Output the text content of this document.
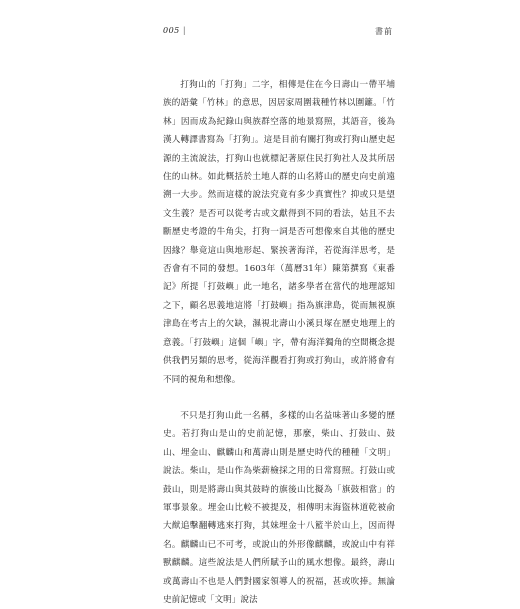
005 |	書前

打狗山的「打狗」二字，相傳是住在今日壽山一帶平埔族的語彙「竹林」的意思，因居家周圍栽種竹林以圍籬。「竹林」因而成為紀錄山與族群空落的地景寫照，其語音，後為漢人轉譯書寫為「打狗」。這是目前有關打狗或打狗山歷史起源的主流說法，打狗山也就標記著原住民打狗社人及其所居住的山林。如此概括於土地人群的山名將山的歷史向史前遠溯一大步。然而這樣的說法究竟有多少真實性？抑或只是望文生義？是否可以從考古或文獻得到不同的看法，姑且不去斷歷史考證的牛角尖，打狗一詞是否可想像來自其他的歷史因緣？舉竟這山與地形起、緊挨著海洋，若從海洋思考，是否會有不同的發想。1603年（萬曆31年）陳第撰寫《東番記》所提「打鼓嶼」此一地名，諸多學者在當代的地理認知之下，顧名思義地這將「打鼓嶼」指為旗津島，從而無視旗津島在考古上的欠缺，濕視北壽山小溪貝塚在歷史地理上的意義。「打鼓嶼」這個「嶼」字，帶有海洋獨角的空間概念提供我們另類的思考，從海洋觀看打狗或打狗山，或許將會有不同的視角和想像。

不只是打狗山此一名稱，多樣的山名益味著山多變的歷史。若打狗山是山的史前記憶，那麼，柴山、打鼓山、鼓山、埋金山、麒麟山和萬壽山則是歷史時代的種種「文明」說法。柴山，是山作為柴薪檢採之用的日常寫照。打鼓山或鼓山，則是將壽山與其鼓時的旗後山比擬為「旗鼓相當」的軍事景象。埋金山比較不被提及，相傳明末海盜林道乾被俞大猷追擊翻轉逃來打狗，其妹埋金十八籃半於山上，因而得名。麒麟山已不可考，或說山的外形像麒麟，或說山中有祥獸麒麟。這些說法是人們所賦予山的風水想像。最終，壽山或萬壽山不也是人們對國家領導人的祝福，甚或吹捧。無論史前記憶或「文明」說法
